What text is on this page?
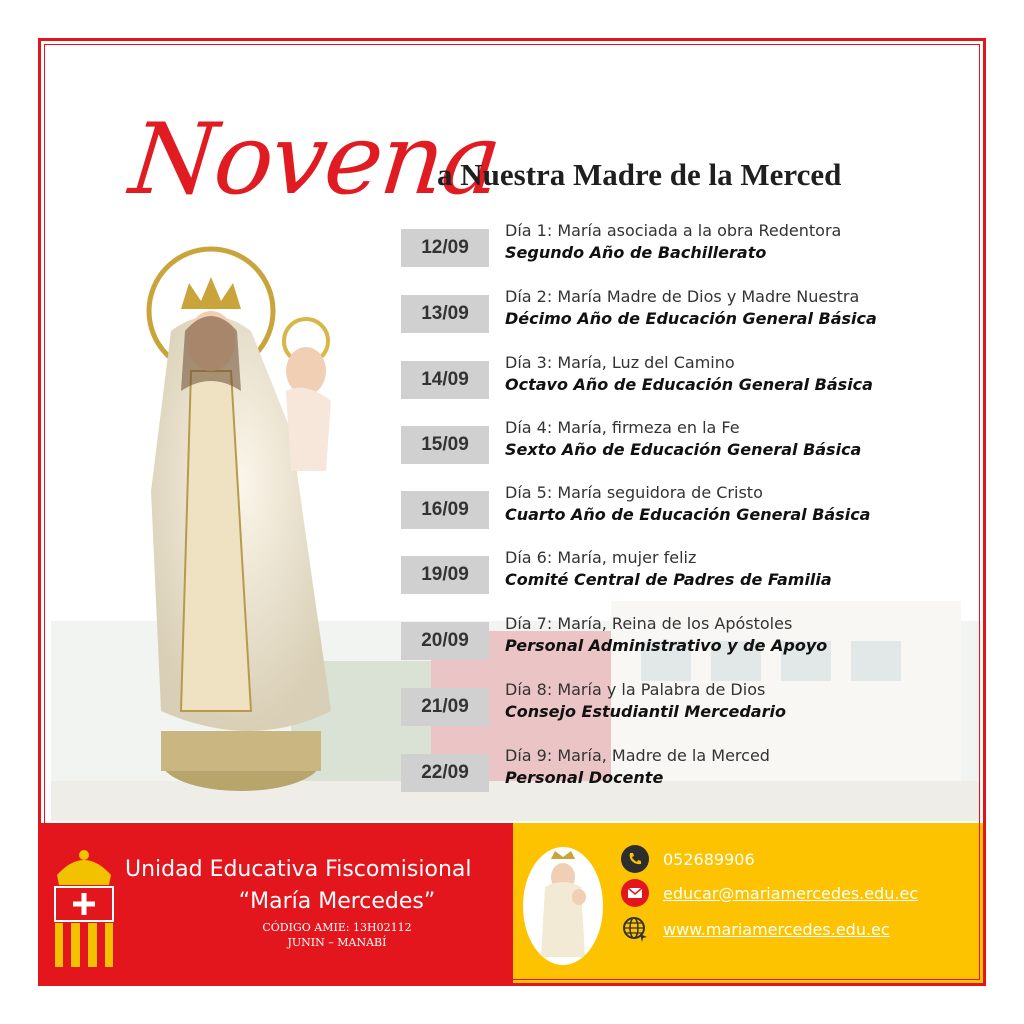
Novena
a Nuestra Madre de la Merced
12/09
Día 1: María asociada a la obra Redentora
Segundo Año de Bachillerato
13/09
Día 2: María Madre de Dios y Madre Nuestra
Décimo Año de Educación General Básica
14/09
Día 3: María, Luz del Camino
Octavo Año de Educación General Básica
15/09
Día 4: María, firmeza en la Fe
Sexto Año de Educación General Básica
16/09
Día 5: María seguidora de Cristo
Cuarto Año de Educación General Básica
19/09
Día 6: María, mujer feliz
Comité Central de Padres de Familia
20/09
Día 7: María, Reina de los Apóstoles
Personal Administrativo y de Apoyo
21/09
Día 8: María y la Palabra de Dios
Consejo Estudiantil Mercedario
22/09
Día 9: María, Madre de la Merced
Personal Docente
Unidad Educativa Fiscomisional
“María Mercedes”
CÓDIGO AMIE: 13H02112
JUNIN – MANABÍ
052689906
educar@mariamercedes.edu.ec
www.mariamercedes.edu.ec
